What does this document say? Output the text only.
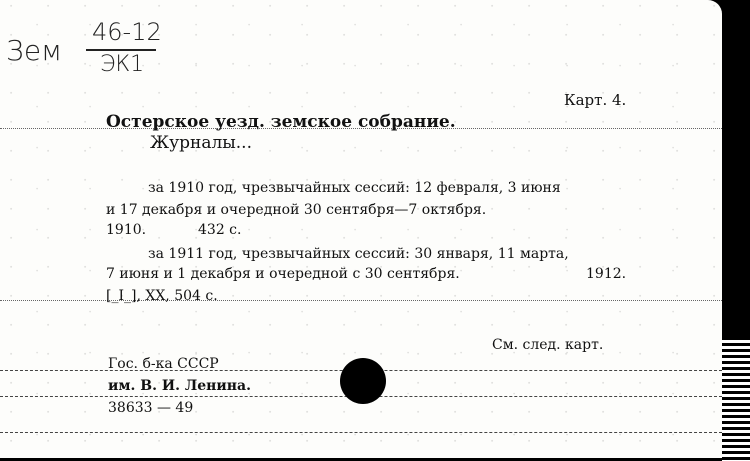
Зем
46-12
ЭК1
Карт. 4.
Остерское уезд. земское собрание.
Журналы...
за 1910 год, чрезвычайных сессий: 12 февраля, 3 июня
и 17 декабря и очередной 30 сентября—7 октября.
1910.	432 с.
за 1911 год, чрезвычайных сессий: 30 января, 11 марта,
7 июня и 1 декабря и очередной с 30 сентября.	1912.
[_I_], XX, 504 с.
См. след. карт.
Гос. б-ка СССР
им. В. И. Ленина.
38633 — 49
